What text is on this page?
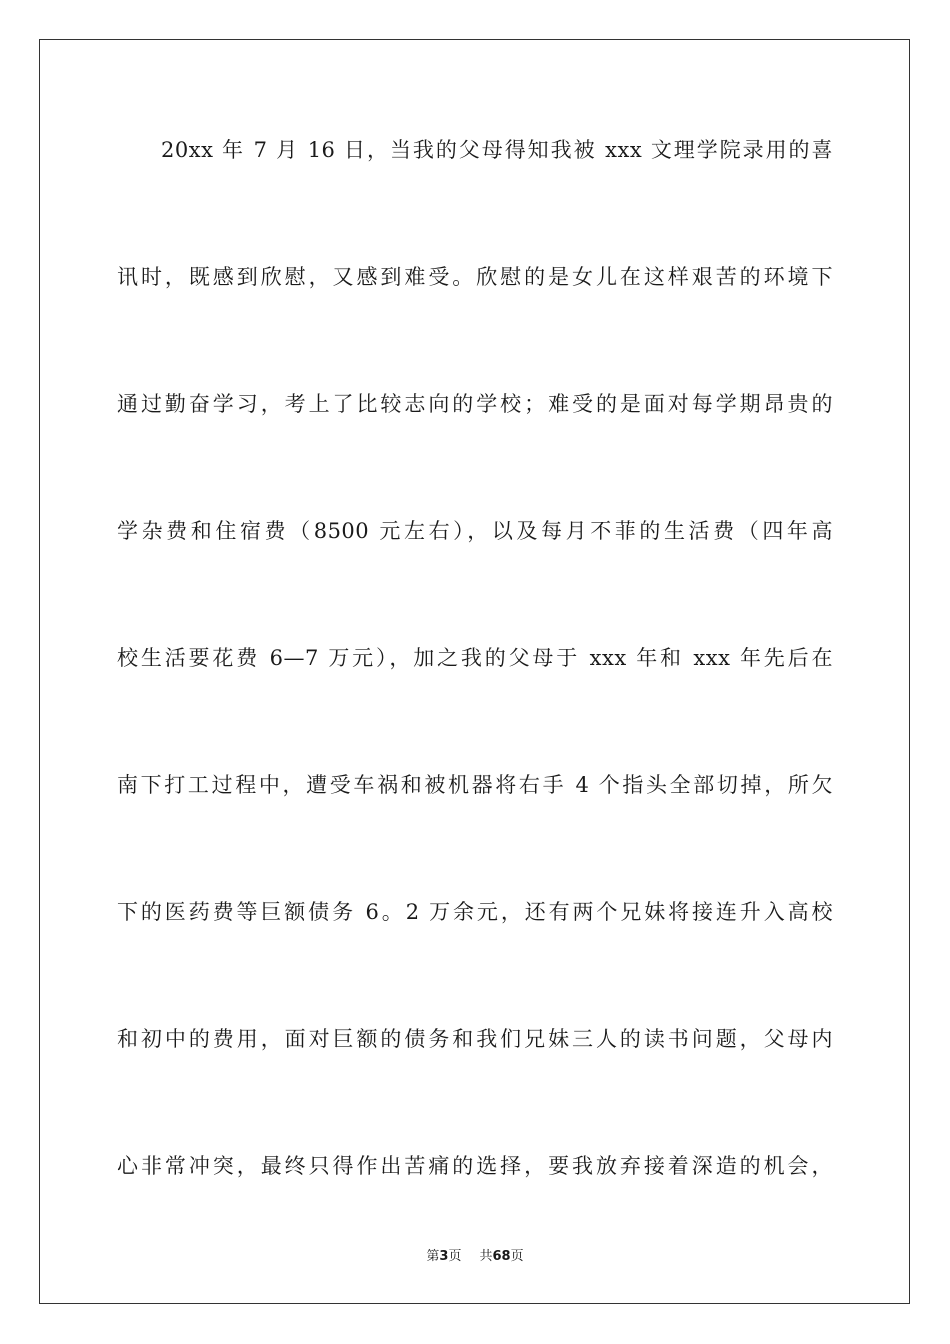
20xx 年 7 月 16 日，当我的父母得知我被 xxx 文理学院录用的喜
讯时，既感到欣慰，又感到难受。欣慰的是女儿在这样艰苦的环境下
通过勤奋学习，考上了比较志向的学校；难受的是面对每学期昂贵的
学杂费和住宿费（8500 元左右），以及每月不菲的生活费（四年高
校生活要花费 6—7 万元），加之我的父母于 xxx 年和 xxx 年先后在
南下打工过程中，遭受车祸和被机器将右手 4 个指头全部切掉，所欠
下的医药费等巨额债务 6。2 万余元，还有两个兄妹将接连升入高校
和初中的费用，面对巨额的债务和我们兄妹三人的读书问题，父母内
心非常冲突，最终只得作出苦痛的选择，要我放弃接着深造的机会，
第3页 共68页
